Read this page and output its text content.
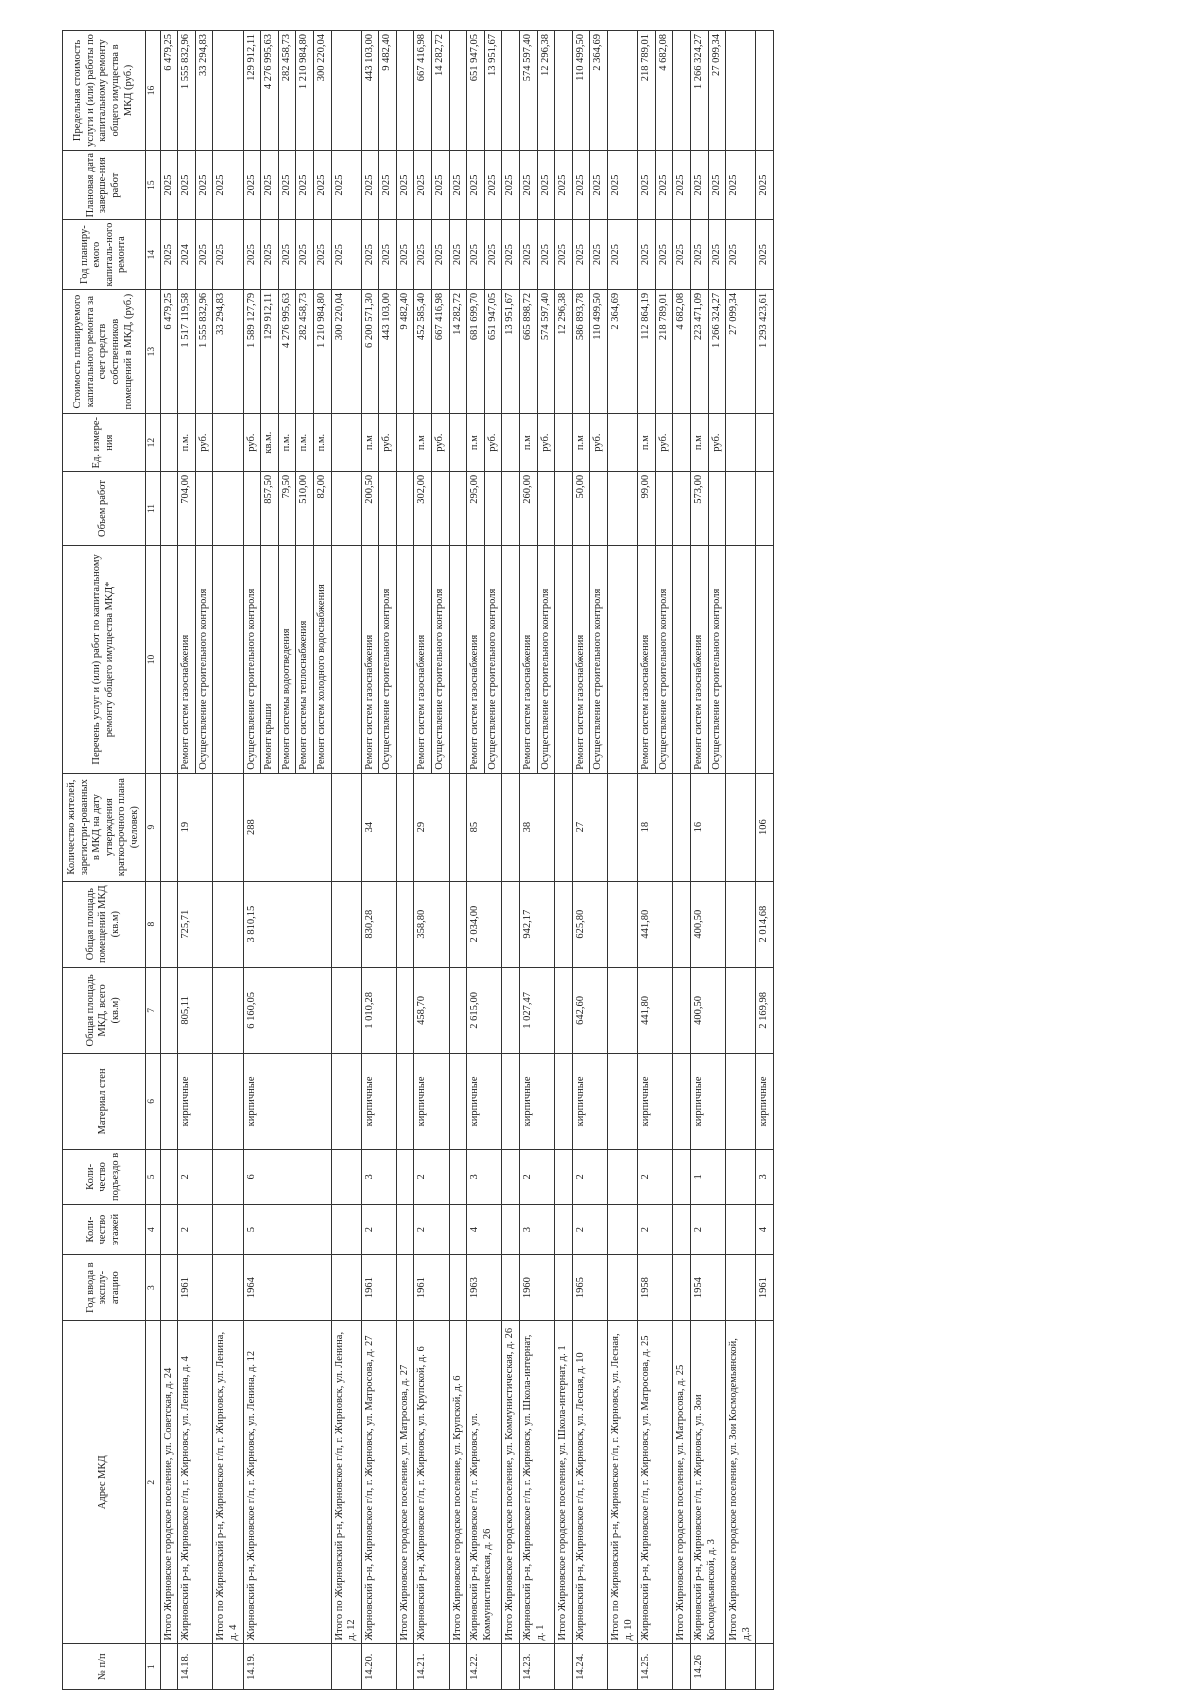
№ п/п	Адрес МКД	Год ввода в эксплу-атацию	Коли-чество этажей	Коли-чество подъездо в	Материал стен	Общая площадь МКД, всего (кв.м)	Общая площадь помещений МКД (кв.м)	Количество жителей, зарегистри-рованных в МКД на дату утверждения краткосрочного плана (человек)	Перечень услуг и (или) работ по капитальному ремонту общего имущества МКД*	Объем работ	Ед. измере-ния	Стоимость планируемого капитального ремонта за счет средств собственников помещений в МКД, (руб.)	Год планиру-емого капиталь-ного ремонта	Плановая дата заверше-ния работ	Предельная стоимость услуги и (или) работы по капитальному ремонту общего имущества в МКД (руб.)
1	2	3	4	5	6	7	8	9	10	11	12	13	14	15	16
	Итого Жирновское городское поселение, ул. Советская, д. 24											6 479,25	2025	2025	6 479,25
14.18.	Жирновский р-н, Жирновское г/п, г. Жирновск, ул. Ленина, д. 4	1961	2	2	кирпичные	805,11	725,71	19	Ремонт систем газоснабжения	704,00	п.м.	1 517 119,58	2024	2025	1 555 832,96
									Осуществление строительного контроля		руб.	1 555 832,96	2025	2025	33 294,83
	Итого по Жирновский р-н, Жирновское г/п, г. Жирновск, ул. Ленина, д. 4											33 294,83	2025	2025	
14.19.	Жирновский р-н, Жирновское г/п, г. Жирновск, ул. Ленина, д. 12	1964	5	6	кирпичные	6 160,05	3 810,15	288	Осуществление строительного контроля		руб.	1 589 127,79	2025	2025	129 912,11
									Ремонт крыши	857,50	кв.м.	129 912,11	2025	2025	4 276 995,63
									Ремонт системы водоотведения	79,50	п.м.	4 276 995,63	2025	2025	282 458,73
									Ремонт системы теплоснабжения	510,00	п.м.	282 458,73	2025	2025	1 210 984,80
									Ремонт систем холодного водоснабжения	82,00	п.м.	1 210 984,80	2025	2025	300 220,04
	Итого по Жирновский р-н, Жирновское г/п, г. Жирновск, ул. Ленина, д. 12											300 220,04	2025	2025	
14.20.	Жирновский р-н, Жирновское г/п, г. Жирновск, ул. Матросова, д. 27	1961	2	3	кирпичные	1 010,28	830,28	34	Ремонт систем газоснабжения	200,50	п.м	6 200 571,30	2025	2025	443 103,00
									Осуществление строительного контроля		руб.	443 103,00	2025	2025	9 482,40
	Итого Жирновское городское поселение, ул. Матросова, д. 27											9 482,40	2025	2025	
14.21.	Жирновский р-н, Жирновское г/п, г. Жирновск, ул. Крупской, д. 6	1961	2	2	кирпичные	458,70	358,80	29	Ремонт систем газоснабжения	302,00	п.м	452 585,40	2025	2025	667 416,98
									Осуществление строительного контроля		руб.	667 416,98	2025	2025	14 282,72
	Итого Жирновское городское поселение, ул. Крупской, д. 6											14 282,72	2025	2025	
14.22.	Жирновский р-н, Жирновское г/п, г. Жирновск, ул. Коммунистическая, д. 26	1963	4	3	кирпичные	2 615,00	2 034,00	85	Ремонт систем газоснабжения	295,00	п.м	681 699,70	2025	2025	651 947,05
									Осуществление строительного контроля		руб.	651 947,05	2025	2025	13 951,67
	Итого Жирновское городское поселение, ул. Коммунистическая, д. 26											13 951,67	2025	2025	
14.23.	Жирновский р-н, Жирновское г/п, г. Жирновск, ул. Школа-интернат, д. 1	1960	3	2	кирпичные	1 027,47	942,17	38	Ремонт систем газоснабжения	260,00	п.м	665 898,72	2025	2025	574 597,40
									Осуществление строительного контроля		руб.	574 597,40	2025	2025	12 296,38
	Итого Жирновское городское поселение, ул. Школа-интернат, д. 1											12 296,38	2025	2025	
14.24.	Жирновский р-н, Жирновское г/п, г. Жирновск, ул. Лесная, д. 10	1965	2	2	кирпичные	642,60	625,80	27	Ремонт систем газоснабжения	50,00	п.м	586 893,78	2025	2025	110 499,50
									Осуществление строительного контроля		руб.	110 499,50	2025	2025	2 364,69
	Итого по Жирновский р-н, Жирновское г/п, г. Жирновск, ул. Лесная, д. 10											2 364,69	2025	2025	
14.25.	Жирновский р-н, Жирновское г/п, г. Жирновск, ул. Матросова, д. 25	1958	2	2	кирпичные	441,80	441,80	18	Ремонт систем газоснабжения	99,00	п.м	112 864,19	2025	2025	218 789,01
									Осуществление строительного контроля		руб.	218 789,01	2025	2025	4 682,08
	Итого Жирновское городское поселение, ул. Матросова, д. 25											4 682,08	2025	2025	
14.26	Жирновский р-н, Жирновское г/п, г. Жирновск, ул. Зои Космодемьянской, д. 3	1954	2	1	кирпичные	400,50	400,50	16	Ремонт систем газоснабжения	573,00	п.м	223 471,09	2025	2025	1 266 324,27
									Осуществление строительного контроля		руб.	1 266 324,27	2025	2025	27 099,34
	Итого Жирновское городское поселение, ул. Зои Космодемьянской, д.3											27 099,34	2025	2025	
		1961	4	3	кирпичные	2 169,98	2 014,68	106				1 293 423,61	2025	2025	
